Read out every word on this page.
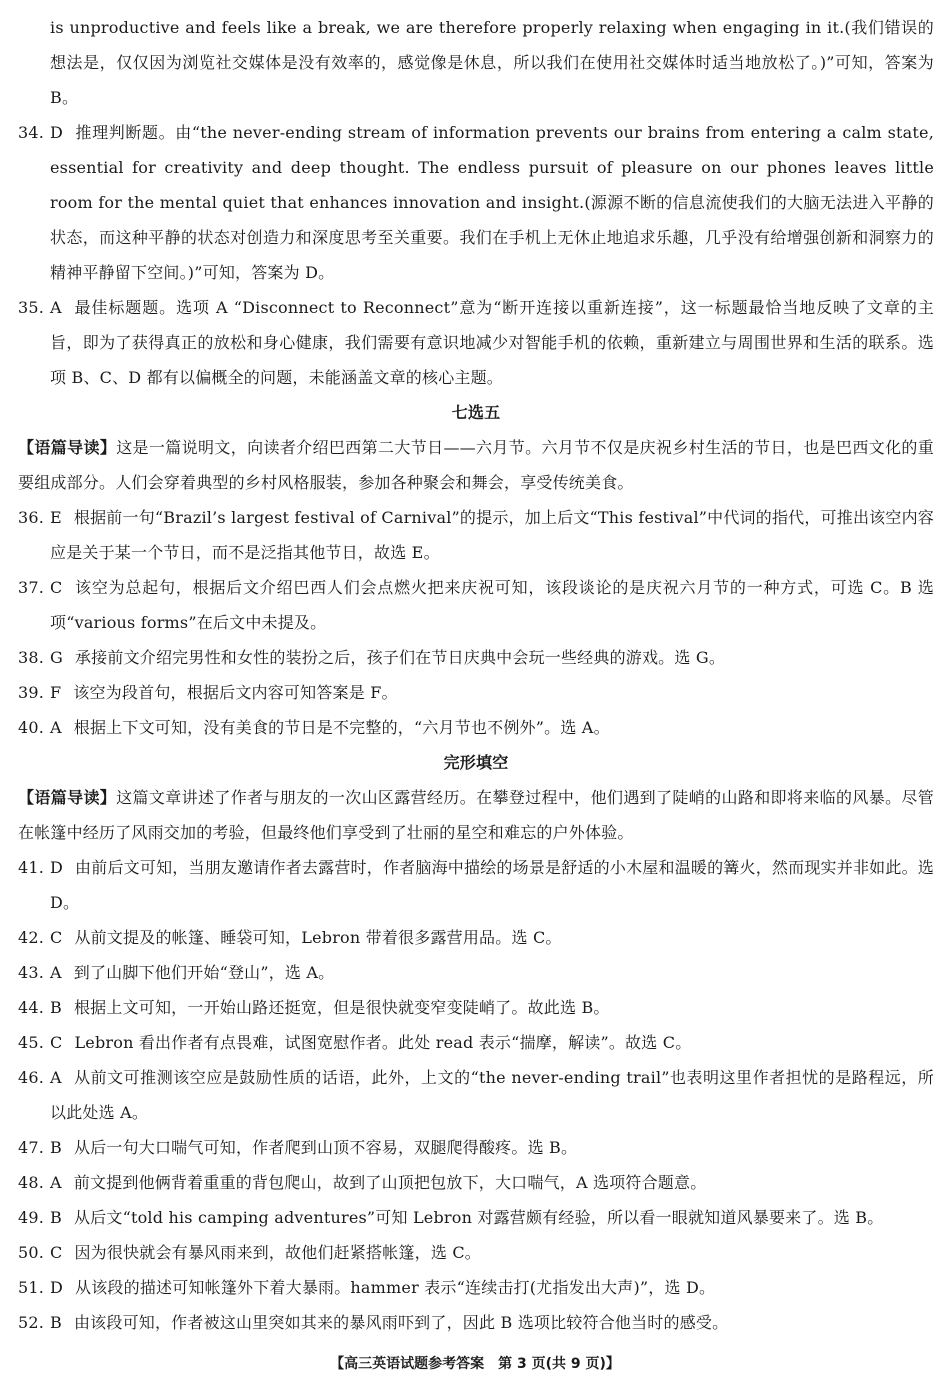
is unproductive and feels like a break, we are therefore properly relaxing when engaging in it.(我们错误的想法是，仅仅因为浏览社交媒体是没有效率的，感觉像是休息，所以我们在使用社交媒体时适当地放松了。)”可知，答案为 B。
34. D 推理判断题。由“the never-ending stream of information prevents our brains from entering a calm state, essential for creativity and deep thought. The endless pursuit of pleasure on our phones leaves little room for the mental quiet that enhances innovation and insight.(源源不断的信息流使我们的大脑无法进入平静的状态，而这种平静的状态对创造力和深度思考至关重要。我们在手机上无休止地追求乐趣，几乎没有给增强创新和洞察力的精神平静留下空间。)”可知，答案为 D。
35. A 最佳标题题。选项 A “Disconnect to Reconnect”意为“断开连接以重新连接”，这一标题最恰当地反映了文章的主旨，即为了获得真正的放松和身心健康，我们需要有意识地减少对智能手机的依赖，重新建立与周围世界和生活的联系。选项 B、C、D 都有以偏概全的问题，未能涵盖文章的核心主题。
七选五
【语篇导读】这是一篇说明文，向读者介绍巴西第二大节日——六月节。六月节不仅是庆祝乡村生活的节日，也是巴西文化的重要组成部分。人们会穿着典型的乡村风格服装，参加各种聚会和舞会，享受传统美食。
36. E 根据前一句“Brazil’s largest festival of Carnival”的提示，加上后文“This festival”中代词的指代，可推出该空内容应是关于某一个节日，而不是泛指其他节日，故选 E。
37. C 该空为总起句，根据后文介绍巴西人们会点燃火把来庆祝可知，该段谈论的是庆祝六月节的一种方式，可选 C。B 选项“various forms”在后文中未提及。
38. G 承接前文介绍完男性和女性的装扮之后，孩子们在节日庆典中会玩一些经典的游戏。选 G。
39. F 该空为段首句，根据后文内容可知答案是 F。
40. A 根据上下文可知，没有美食的节日是不完整的，“六月节也不例外”。选 A。
完形填空
【语篇导读】这篇文章讲述了作者与朋友的一次山区露营经历。在攀登过程中，他们遇到了陡峭的山路和即将来临的风暴。尽管在帐篷中经历了风雨交加的考验，但最终他们享受到了壮丽的星空和难忘的户外体验。
41. D 由前后文可知，当朋友邀请作者去露营时，作者脑海中描绘的场景是舒适的小木屋和温暖的篝火，然而现实并非如此。选 D。
42. C 从前文提及的帐篷、睡袋可知，Lebron 带着很多露营用品。选 C。
43. A 到了山脚下他们开始“登山”，选 A。
44. B 根据上文可知，一开始山路还挺宽，但是很快就变窄变陡峭了。故此选 B。
45. C Lebron 看出作者有点畏难，试图宽慰作者。此处 read 表示“揣摩，解读”。故选 C。
46. A 从前文可推测该空应是鼓励性质的话语，此外，上文的“the never-ending trail”也表明这里作者担忧的是路程远，所以此处选 A。
47. B 从后一句大口喘气可知，作者爬到山顶不容易，双腿爬得酸疼。选 B。
48. A 前文提到他俩背着重重的背包爬山，故到了山顶把包放下，大口喘气，A 选项符合题意。
49. B 从后文“told his camping adventures”可知 Lebron 对露营颇有经验，所以看一眼就知道风暴要来了。选 B。
50. C 因为很快就会有暴风雨来到，故他们赶紧搭帐篷，选 C。
51. D 从该段的描述可知帐篷外下着大暴雨。hammer 表示“连续击打(尤指发出大声)”，选 D。
52. B 由该段可知，作者被这山里突如其来的暴风雨吓到了，因此 B 选项比较符合他当时的感受。
【高三英语试题参考答案　第 3 页(共 9 页)】
